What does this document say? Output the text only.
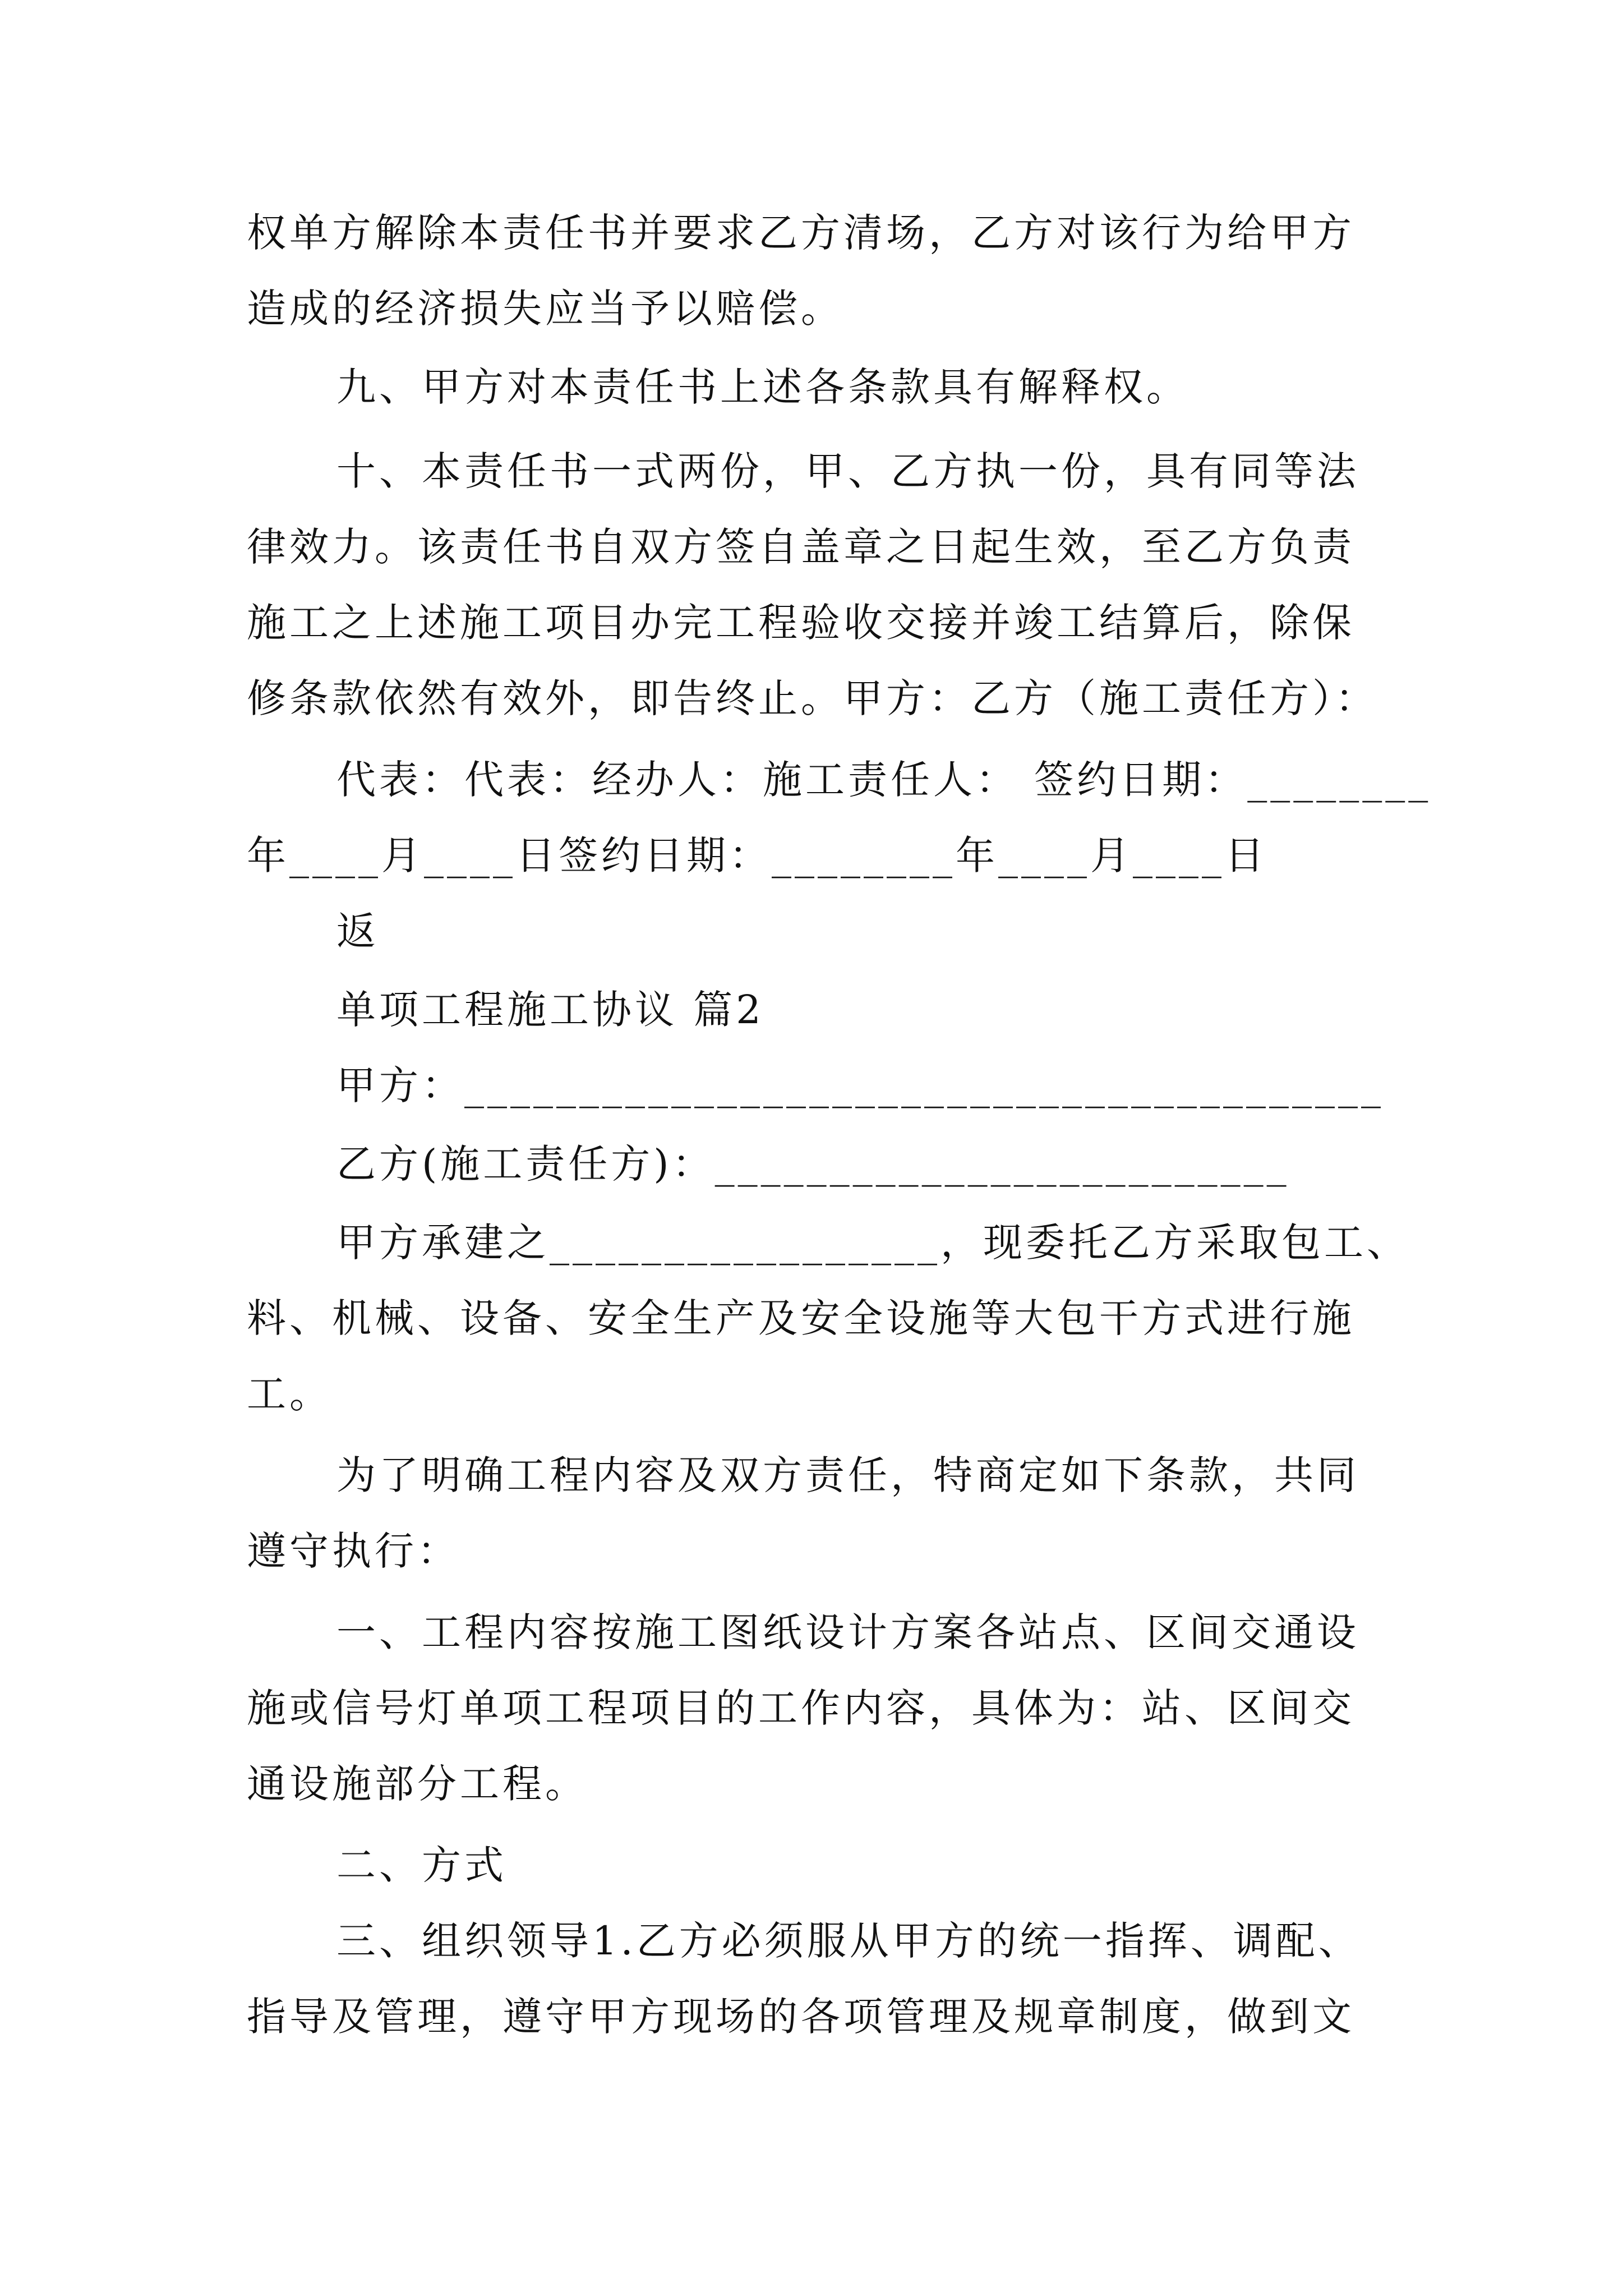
权单方解除本责任书并要求乙方清场，乙方对该行为给甲方
造成的经济损失应当予以赔偿。
九、甲方对本责任书上述各条款具有解释权。
十、本责任书一式两份，甲、乙方执一份，具有同等法
律效力。该责任书自双方签自盖章之日起生效，至乙方负责
施工之上述施工项目办完工程验收交接并竣工结算后，除保
修条款依然有效外，即告终止。甲方：乙方（施工责任方）：
代表：代表：经办人：施工责任人： 签约日期：________
年____月____日签约日期：________年____月____日
返
单项工程施工协议 篇2
甲方：________________________________________
乙方(施工责任方)：_________________________
甲方承建之_________________，现委托乙方采取包工、
料、机械、设备、安全生产及安全设施等大包干方式进行施
工。
为了明确工程内容及双方责任，特商定如下条款，共同
遵守执行：
一、工程内容按施工图纸设计方案各站点、区间交通设
施或信号灯单项工程项目的工作内容，具体为：站、区间交
通设施部分工程。
二、方式
三、组织领导1.乙方必须服从甲方的统一指挥、调配、
指导及管理，遵守甲方现场的各项管理及规章制度，做到文
